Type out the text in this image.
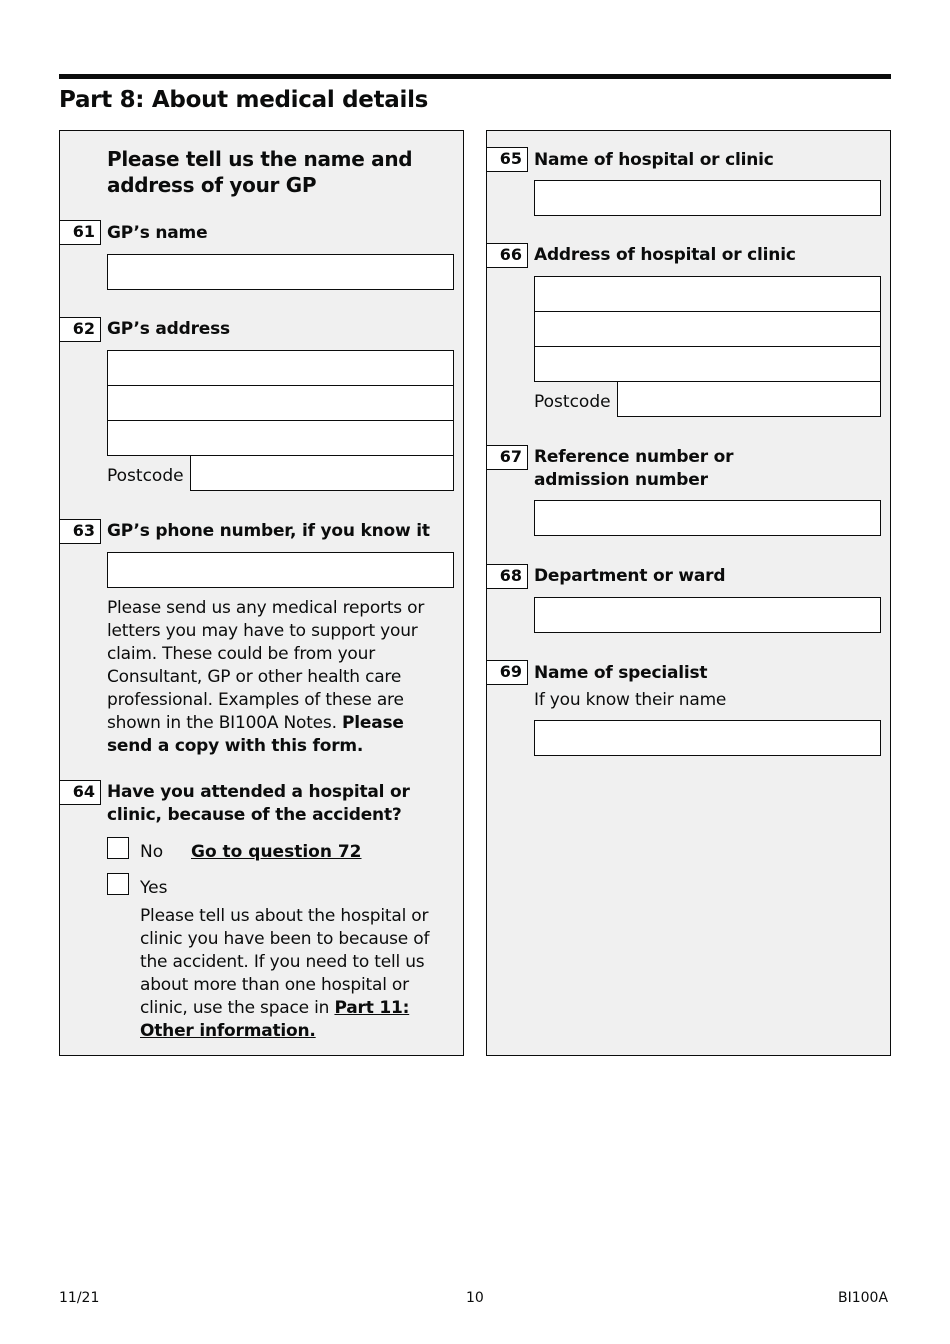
Part 8: About medical details
Please tell us the name and address of your GP
61 GP’s name
62 GP’s address
Postcode
63 GP’s phone number, if you know it
Please send us any medical reports or letters you may have to support your claim. These could be from your Consultant, GP or other health care professional. Examples of these are shown in the BI100A Notes. Please send a copy with this form.
64 Have you attended a hospital or clinic, because of the accident?
No Go to question 72
Yes
Please tell us about the hospital or clinic you have been to because of the accident. If you need to tell us about more than one hospital or clinic, use the space in Part 11: Other information.
65 Name of hospital or clinic
66 Address of hospital or clinic
Postcode
67 Reference number or admission number
68 Department or ward
69 Name of specialist
If you know their name
11/21	10	BI100A
